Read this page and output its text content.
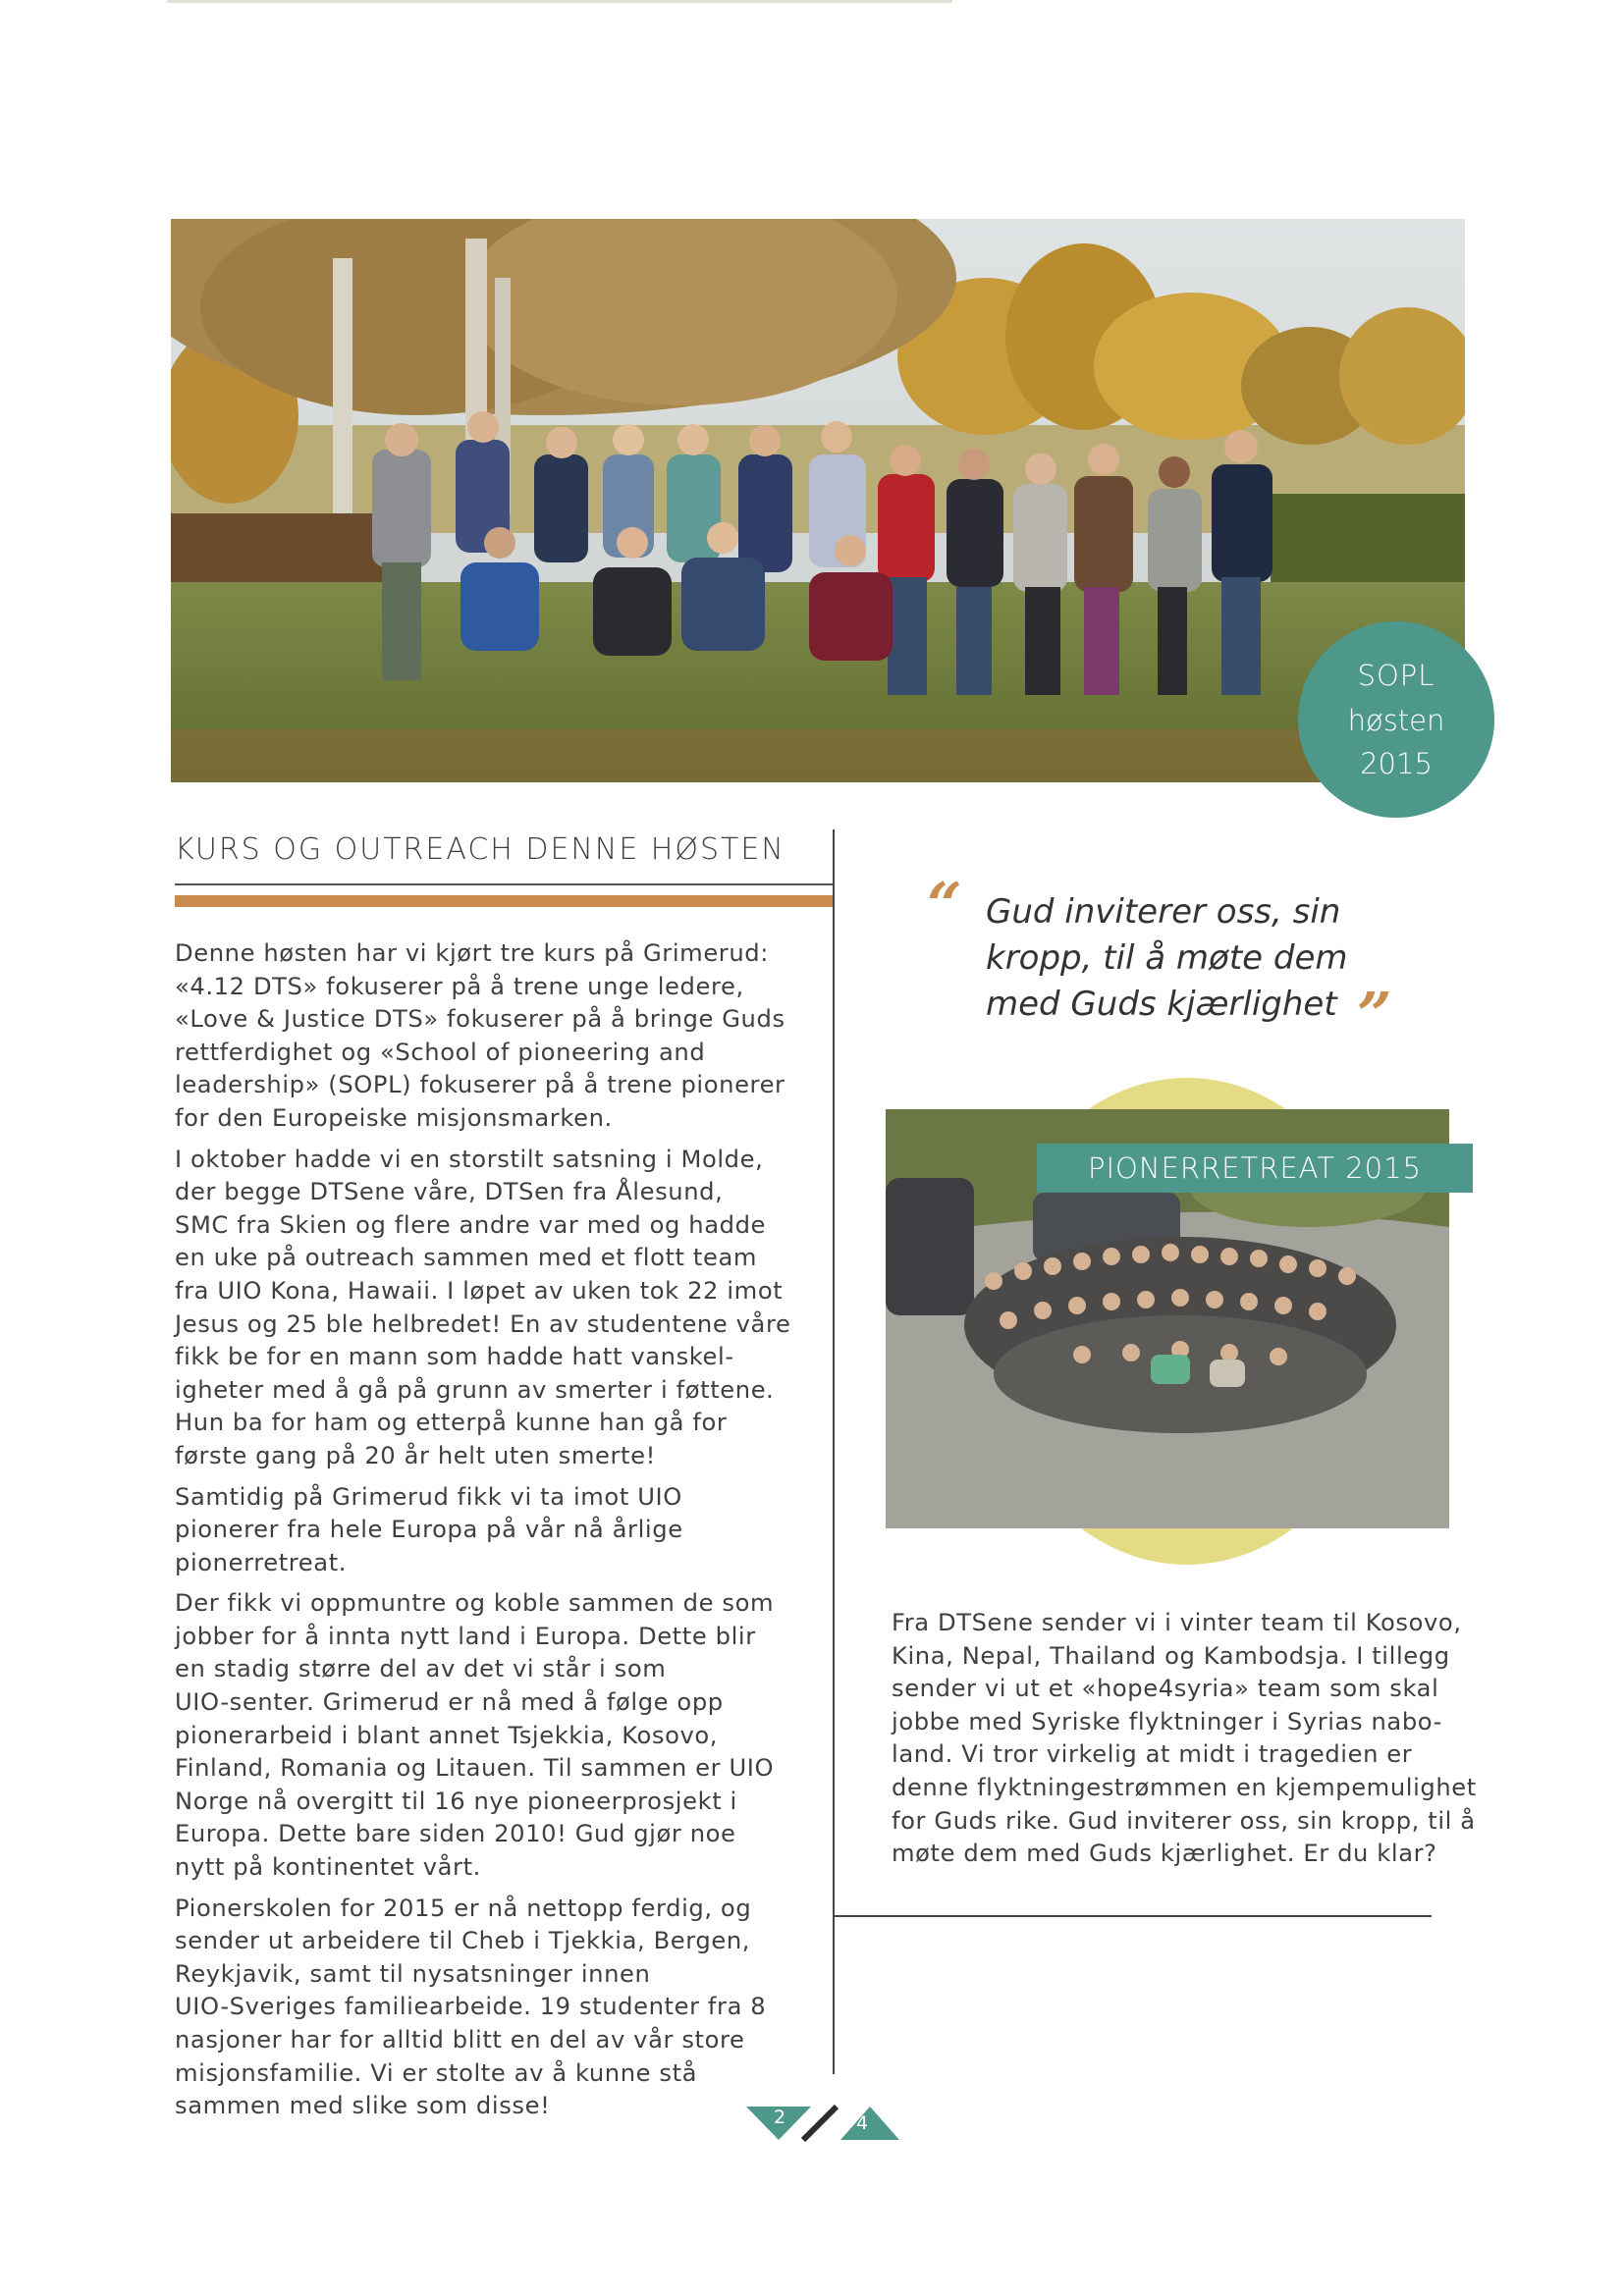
SOPL
høsten
2015
KURS OG OUTREACH DENNE HØSTEN

Denne høsten har vi kjørt tre kurs på Grimerud:
«4.12 DTS» fokuserer på å trene unge ledere,
«Love & Justice DTS» fokuserer på å bringe Guds
rettferdighet og «School of pioneering and
leadership» (SOPL) fokuserer på å trene pionerer
for den Europeiske misjonsmarken.

I oktober hadde vi en storstilt satsning i Molde,
der begge DTSene våre, DTSen fra Ålesund,
SMC fra Skien og flere andre var med og hadde
en uke på outreach sammen med et flott team
fra UIO Kona, Hawaii. I løpet av uken tok 22 imot
Jesus og 25 ble helbredet! En av studentene våre
fikk be for en mann som hadde hatt vanskel-
igheter med å gå på grunn av smerter i føttene.
Hun ba for ham og etterpå kunne han gå for
første gang på 20 år helt uten smerte!

Samtidig på Grimerud fikk vi ta imot UIO
pionerer fra hele Europa på vår nå årlige
pionerretreat.

Der fikk vi oppmuntre og koble sammen de som
jobber for å innta nytt land i Europa. Dette blir
en stadig større del av det vi står i som
UIO-senter. Grimerud er nå med å følge opp
pionerarbeid i blant annet Tsjekkia, Kosovo,
Finland, Romania og Litauen. Til sammen er UIO
Norge nå overgitt til 16 nye pioneerprosjekt i
Europa. Dette bare siden 2010! Gud gjør noe
nytt på kontinentet vårt.

Pionerskolen for 2015 er nå nettopp ferdig, og
sender ut arbeidere til Cheb i Tjekkia, Bergen,
Reykjavik, samt til nysatsninger innen
UIO-Sveriges familiearbeide. 19 studenter fra 8
nasjoner har for alltid blitt en del av vår store
misjonsfamilie. Vi er stolte av å kunne stå
sammen med slike som disse!

“ Gud inviterer oss, sin
kropp, til å møte dem
med Guds kjærlighet ”
PIONERRETREAT 2015
Fra DTSene sender vi i vinter team til Kosovo,
Kina, Nepal, Thailand og Kambodsja. I tillegg
sender vi ut et «hope4syria» team som skal
jobbe med Syriske flyktninger i Syrias nabo-
land. Vi tror virkelig at midt i tragedien er
denne flyktningestrømmen en kjempemulighet
for Guds rike. Gud inviterer oss, sin kropp, til å
møte dem med Guds kjærlighet. Er du klar?
2	4
